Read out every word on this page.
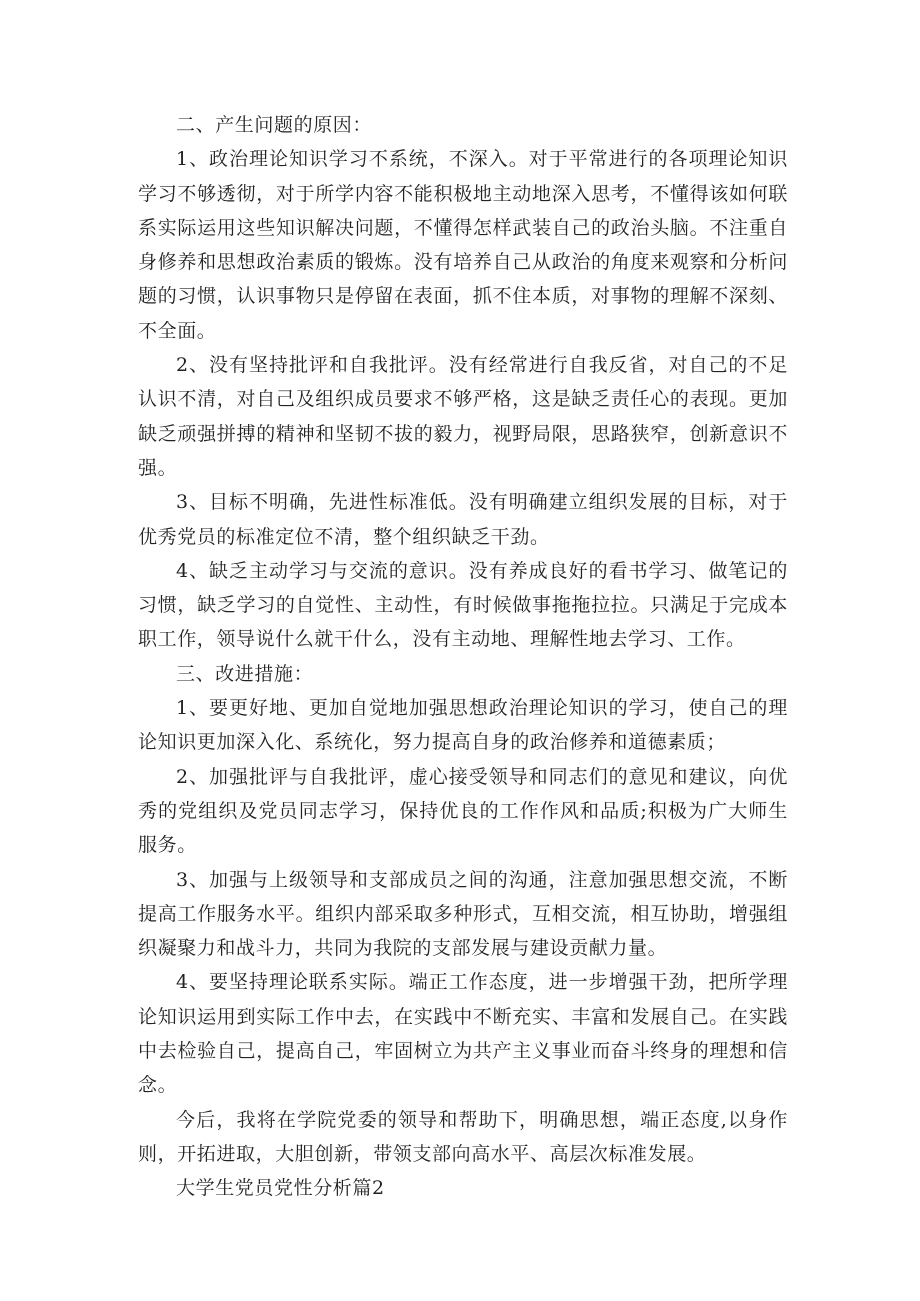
二、产生问题的原因：

1、政治理论知识学习不系统，不深入。对于平常进行的各项理论知识学习不够透彻，对于所学内容不能积极地主动地深入思考，不懂得该如何联系实际运用这些知识解决问题，不懂得怎样武装自己的政治头脑。不注重自身修养和思想政治素质的锻炼。没有培养自己从政治的角度来观察和分析问题的习惯，认识事物只是停留在表面，抓不住本质，对事物的理解不深刻、不全面。

2、没有坚持批评和自我批评。没有经常进行自我反省，对自己的不足认识不清，对自己及组织成员要求不够严格，这是缺乏责任心的表现。更加缺乏顽强拼搏的精神和坚韧不拔的毅力，视野局限，思路狭窄，创新意识不强。

3、目标不明确，先进性标准低。没有明确建立组织发展的目标，对于优秀党员的标准定位不清，整个组织缺乏干劲。

4、缺乏主动学习与交流的意识。没有养成良好的看书学习、做笔记的习惯，缺乏学习的自觉性、主动性，有时候做事拖拖拉拉。只满足于完成本职工作，领导说什么就干什么，没有主动地、理解性地去学习、工作。

三、改进措施：

1、要更好地、更加自觉地加强思想政治理论知识的学习，使自己的理论知识更加深入化、系统化，努力提高自身的政治修养和道德素质；

2、加强批评与自我批评，虚心接受领导和同志们的意见和建议，向优秀的党组织及党员同志学习，保持优良的工作作风和品质;积极为广大师生服务。

3、加强与上级领导和支部成员之间的沟通，注意加强思想交流，不断提高工作服务水平。组织内部采取多种形式，互相交流，相互协助，增强组织凝聚力和战斗力，共同为我院的支部发展与建设贡献力量。

4、要坚持理论联系实际。端正工作态度，进一步增强干劲，把所学理论知识运用到实际工作中去，在实践中不断充实、丰富和发展自己。在实践中去检验自己，提高自己，牢固树立为共产主义事业而奋斗终身的理想和信念。

今后，我将在学院党委的领导和帮助下，明确思想，端正态度,以身作则，开拓进取，大胆创新，带领支部向高水平、高层次标准发展。

大学生党员党性分析篇2
